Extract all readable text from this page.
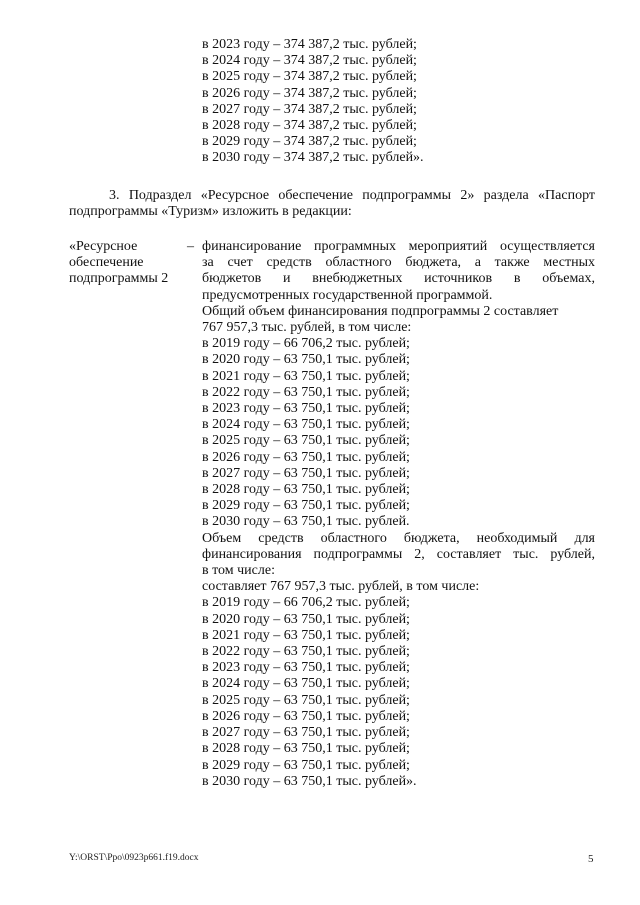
в 2023 году – 374 387,2 тыс. рублей;
в 2024 году – 374 387,2 тыс. рублей;
в 2025 году – 374 387,2 тыс. рублей;
в 2026 году – 374 387,2 тыс. рублей;
в 2027 году – 374 387,2 тыс. рублей;
в 2028 году – 374 387,2 тыс. рублей;
в 2029 году – 374 387,2 тыс. рублей;
в 2030 году – 374 387,2 тыс. рублей».
3. Подраздел «Ресурсное обеспечение подпрограммы 2» раздела «Паспорт
подпрограммы «Туризм» изложить в редакции:
«Ресурсное
обеспечение
подпрограммы 2
– финансирование программных мероприятий осуществляется
за счет средств областного бюджета, а также местных
бюджетов и внебюджетных источников в объемах,
предусмотренных государственной программой.
Общий объем финансирования подпрограммы 2 составляет
767 957,3 тыс. рублей, в том числе:
в 2019 году – 66 706,2 тыс. рублей;
в 2020 году – 63 750,1 тыс. рублей;
в 2021 году – 63 750,1 тыс. рублей;
в 2022 году – 63 750,1 тыс. рублей;
в 2023 году – 63 750,1 тыс. рублей;
в 2024 году – 63 750,1 тыс. рублей;
в 2025 году – 63 750,1 тыс. рублей;
в 2026 году – 63 750,1 тыс. рублей;
в 2027 году – 63 750,1 тыс. рублей;
в 2028 году – 63 750,1 тыс. рублей;
в 2029 году – 63 750,1 тыс. рублей;
в 2030 году – 63 750,1 тыс. рублей.
Объем средств областного бюджета, необходимый для
финансирования подпрограммы 2, составляет тыс. рублей,
в том числе:
составляет 767 957,3 тыс. рублей, в том числе:
в 2019 году – 66 706,2 тыс. рублей;
в 2020 году – 63 750,1 тыс. рублей;
в 2021 году – 63 750,1 тыс. рублей;
в 2022 году – 63 750,1 тыс. рублей;
в 2023 году – 63 750,1 тыс. рублей;
в 2024 году – 63 750,1 тыс. рублей;
в 2025 году – 63 750,1 тыс. рублей;
в 2026 году – 63 750,1 тыс. рублей;
в 2027 году – 63 750,1 тыс. рублей;
в 2028 году – 63 750,1 тыс. рублей;
в 2029 году – 63 750,1 тыс. рублей;
в 2030 году – 63 750,1 тыс. рублей».
Y:\ORST\Ppo\0923p661.f19.docx	5
